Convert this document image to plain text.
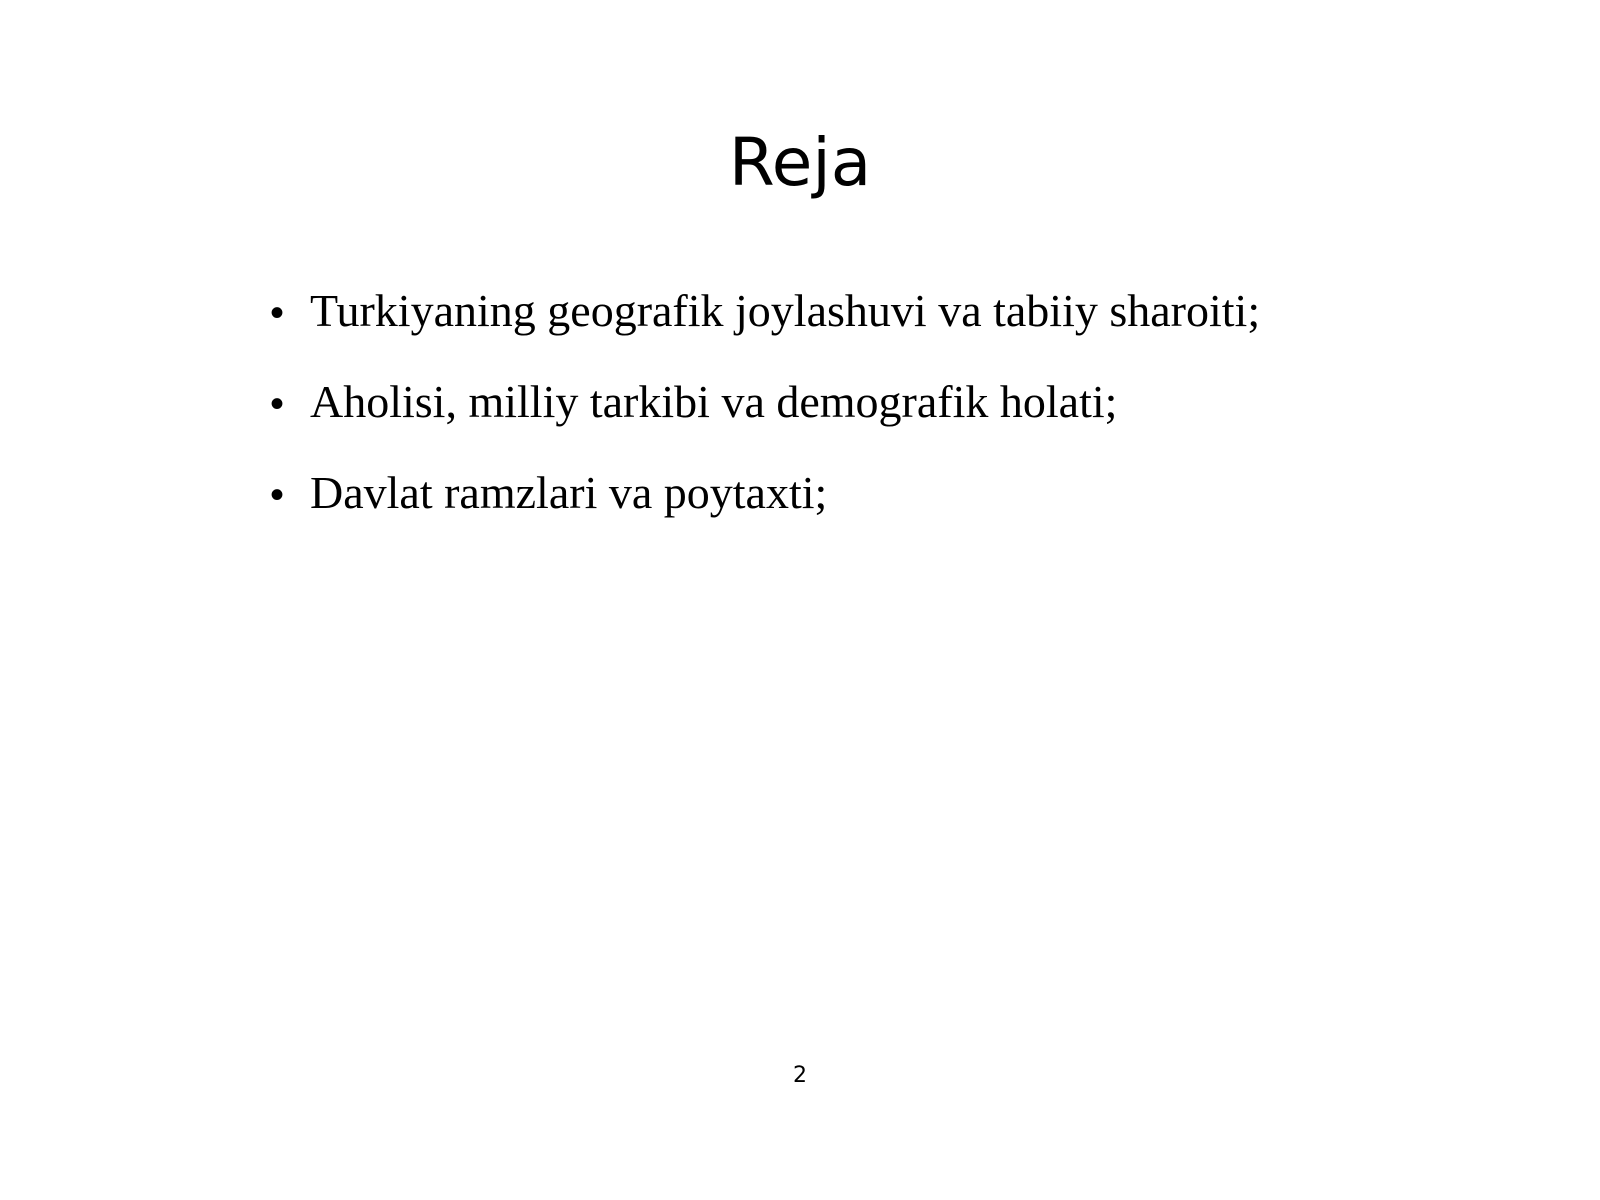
Reja
• Turkiyaning geografik joylashuvi va tabiiy sharoiti;
• Aholisi, milliy tarkibi va demografik holati;
• Davlat ramzlari va poytaxti;
2
